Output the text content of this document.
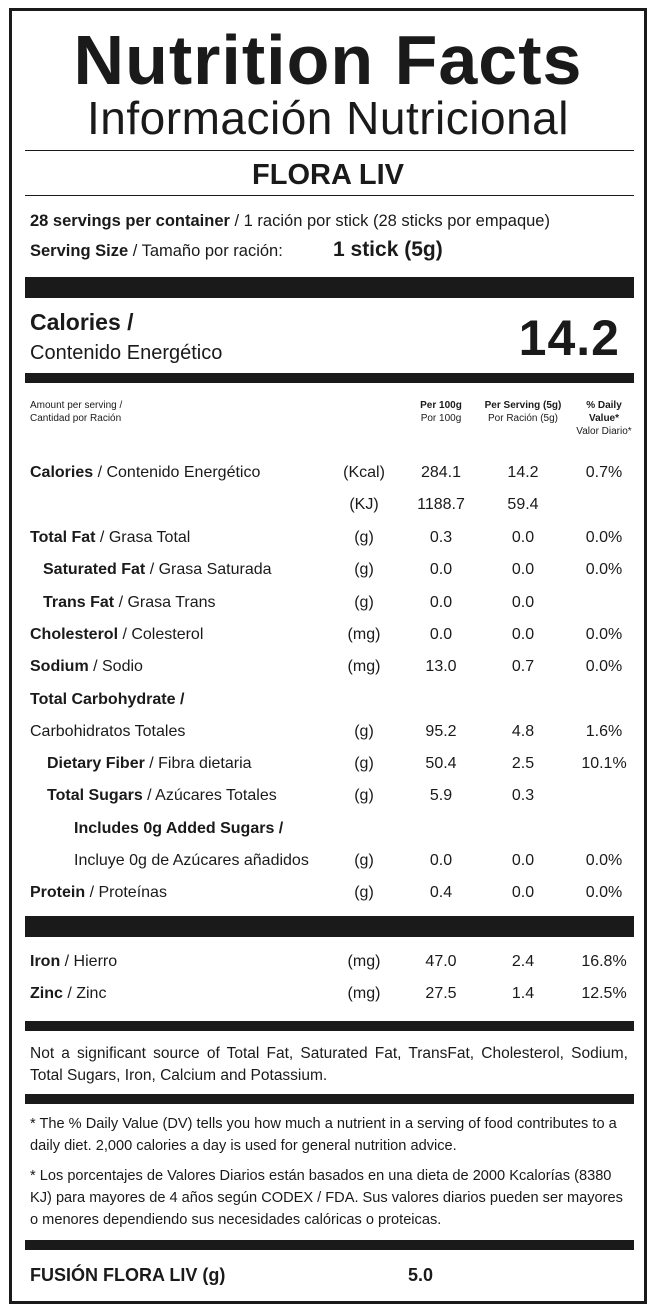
Nutrition Facts
Información Nutricional
FLORA LIV
28 servings per container / 1 ración por stick (28 sticks por empaque)
Serving Size / Tamaño por ración: 1 stick (5g)
Calories /
Contenido Energético	14.2
Amount per serving /
Cantidad por Ración
Per 100g
Por 100g
Per Serving (5g)
Por Ración (5g)
% Daily
Value*
Valor Diario*
Calories / Contenido Energético	(Kcal)	284.1	14.2	0.7%
(KJ)	1188.7	59.4
Total Fat / Grasa Total	(g)	0.3	0.0	0.0%
Saturated Fat / Grasa Saturada	(g)	0.0	0.0	0.0%
Trans Fat / Grasa Trans	(g)	0.0	0.0
Cholesterol / Colesterol	(mg)	0.0	0.0	0.0%
Sodium / Sodio	(mg)	13.0	0.7	0.0%
Total Carbohydrate /
Carbohidratos Totales	(g)	95.2	4.8	1.6%
Dietary Fiber / Fibra dietaria	(g)	50.4	2.5	10.1%
Total Sugars / Azúcares Totales	(g)	5.9	0.3
Includes 0g Added Sugars /
Incluye 0g de Azúcares añadidos	(g)	0.0	0.0	0.0%
Protein / Proteínas	(g)	0.4	0.0	0.0%
Iron / Hierro	(mg)	47.0	2.4	16.8%
Zinc / Zinc	(mg)	27.5	1.4	12.5%
Not a significant source of Total Fat, Saturated Fat, TransFat, Cholesterol, Sodium, Total Sugars, Iron, Calcium and Potassium.
* The % Daily Value (DV) tells you how much a nutrient in a serving of food contributes to a daily diet. 2,000 calories a day is used for general nutrition advice.
* Los porcentajes de Valores Diarios están basados en una dieta de 2000 Kcalorías (8380 KJ) para mayores de 4 años según CODEX / FDA. Sus valores diarios pueden ser mayores o menores dependiendo sus necesidades calóricas o proteicas.
FUSIÓN FLORA LIV (g)	5.0
